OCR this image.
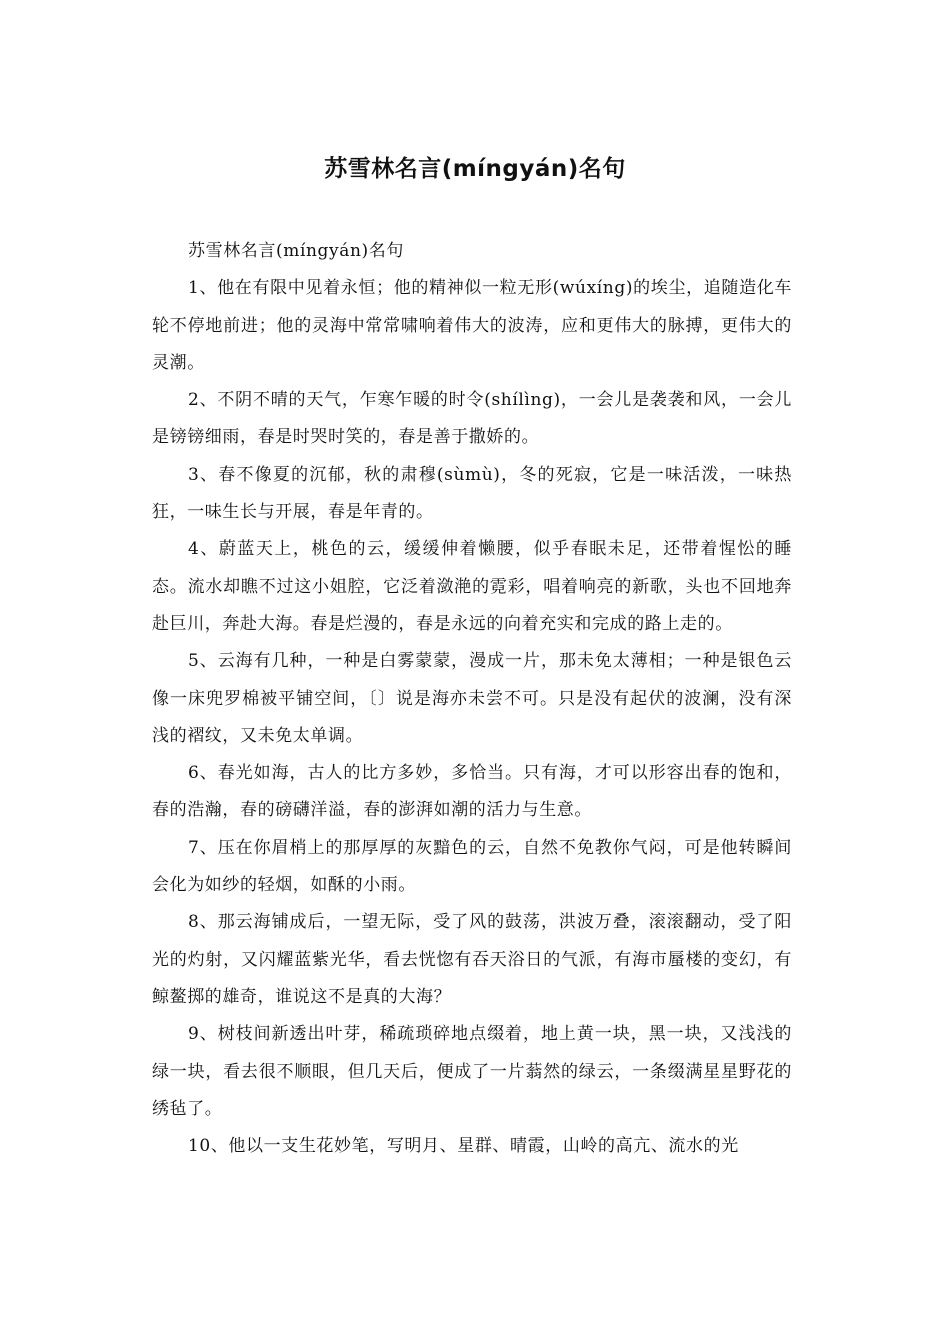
苏雪林名言(míngyán)名句

苏雪林名言(míngyán)名句

1、他在有限中见着永恒；他的精神似一粒无形(wúxíng)的埃尘，追随造化车轮不停地前进；他的灵海中常常啸响着伟大的波涛，应和更伟大的脉搏，更伟大的灵潮。

2、不阴不晴的天气，乍寒乍暖的时令(shílìng)，一会儿是袭袭和风，一会儿是镑镑细雨，春是时哭时笑的，春是善于撒娇的。

3、春不像夏的沉郁，秋的肃穆(sùmù)，冬的死寂，它是一味活泼，一味热狂，一味生长与开展，春是年青的。

4、蔚蓝天上，桃色的云，缓缓伸着懒腰，似乎春眠未足，还带着惺忪的睡态。流水却瞧不过这小姐腔，它泛着潋滟的霓彩，唱着响亮的新歌，头也不回地奔赴巨川，奔赴大海。春是烂漫的，春是永远的向着充实和完成的路上走的。

5、云海有几种，一种是白雾蒙蒙，漫成一片，那未免太薄相；一种是银色云像一床兜罗棉被平铺空间，〔〕说是海亦未尝不可。只是没有起伏的波澜，没有深浅的褶纹，又未免太单调。

6、春光如海，古人的比方多妙，多恰当。只有海，才可以形容出春的饱和，春的浩瀚，春的磅礴洋溢，春的澎湃如潮的活力与生意。

7、压在你眉梢上的那厚厚的灰黯色的云，自然不免教你气闷，可是他转瞬间会化为如纱的轻烟，如酥的小雨。

8、那云海铺成后，一望无际，受了风的鼓荡，洪波万叠，滚滚翻动，受了阳光的灼射，又闪耀蓝紫光华，看去恍惚有吞天浴日的气派，有海市蜃楼的变幻，有鲸鳌掷的雄奇，谁说这不是真的大海？

9、树枝间新透出叶芽，稀疏琐碎地点缀着，地上黄一块，黑一块，又浅浅的绿一块，看去很不顺眼，但几天后，便成了一片蓊然的绿云，一条缀满星星野花的绣毡了。

10、他以一支生花妙笔，写明月、星群、晴霞，山岭的高亢、流水的光
